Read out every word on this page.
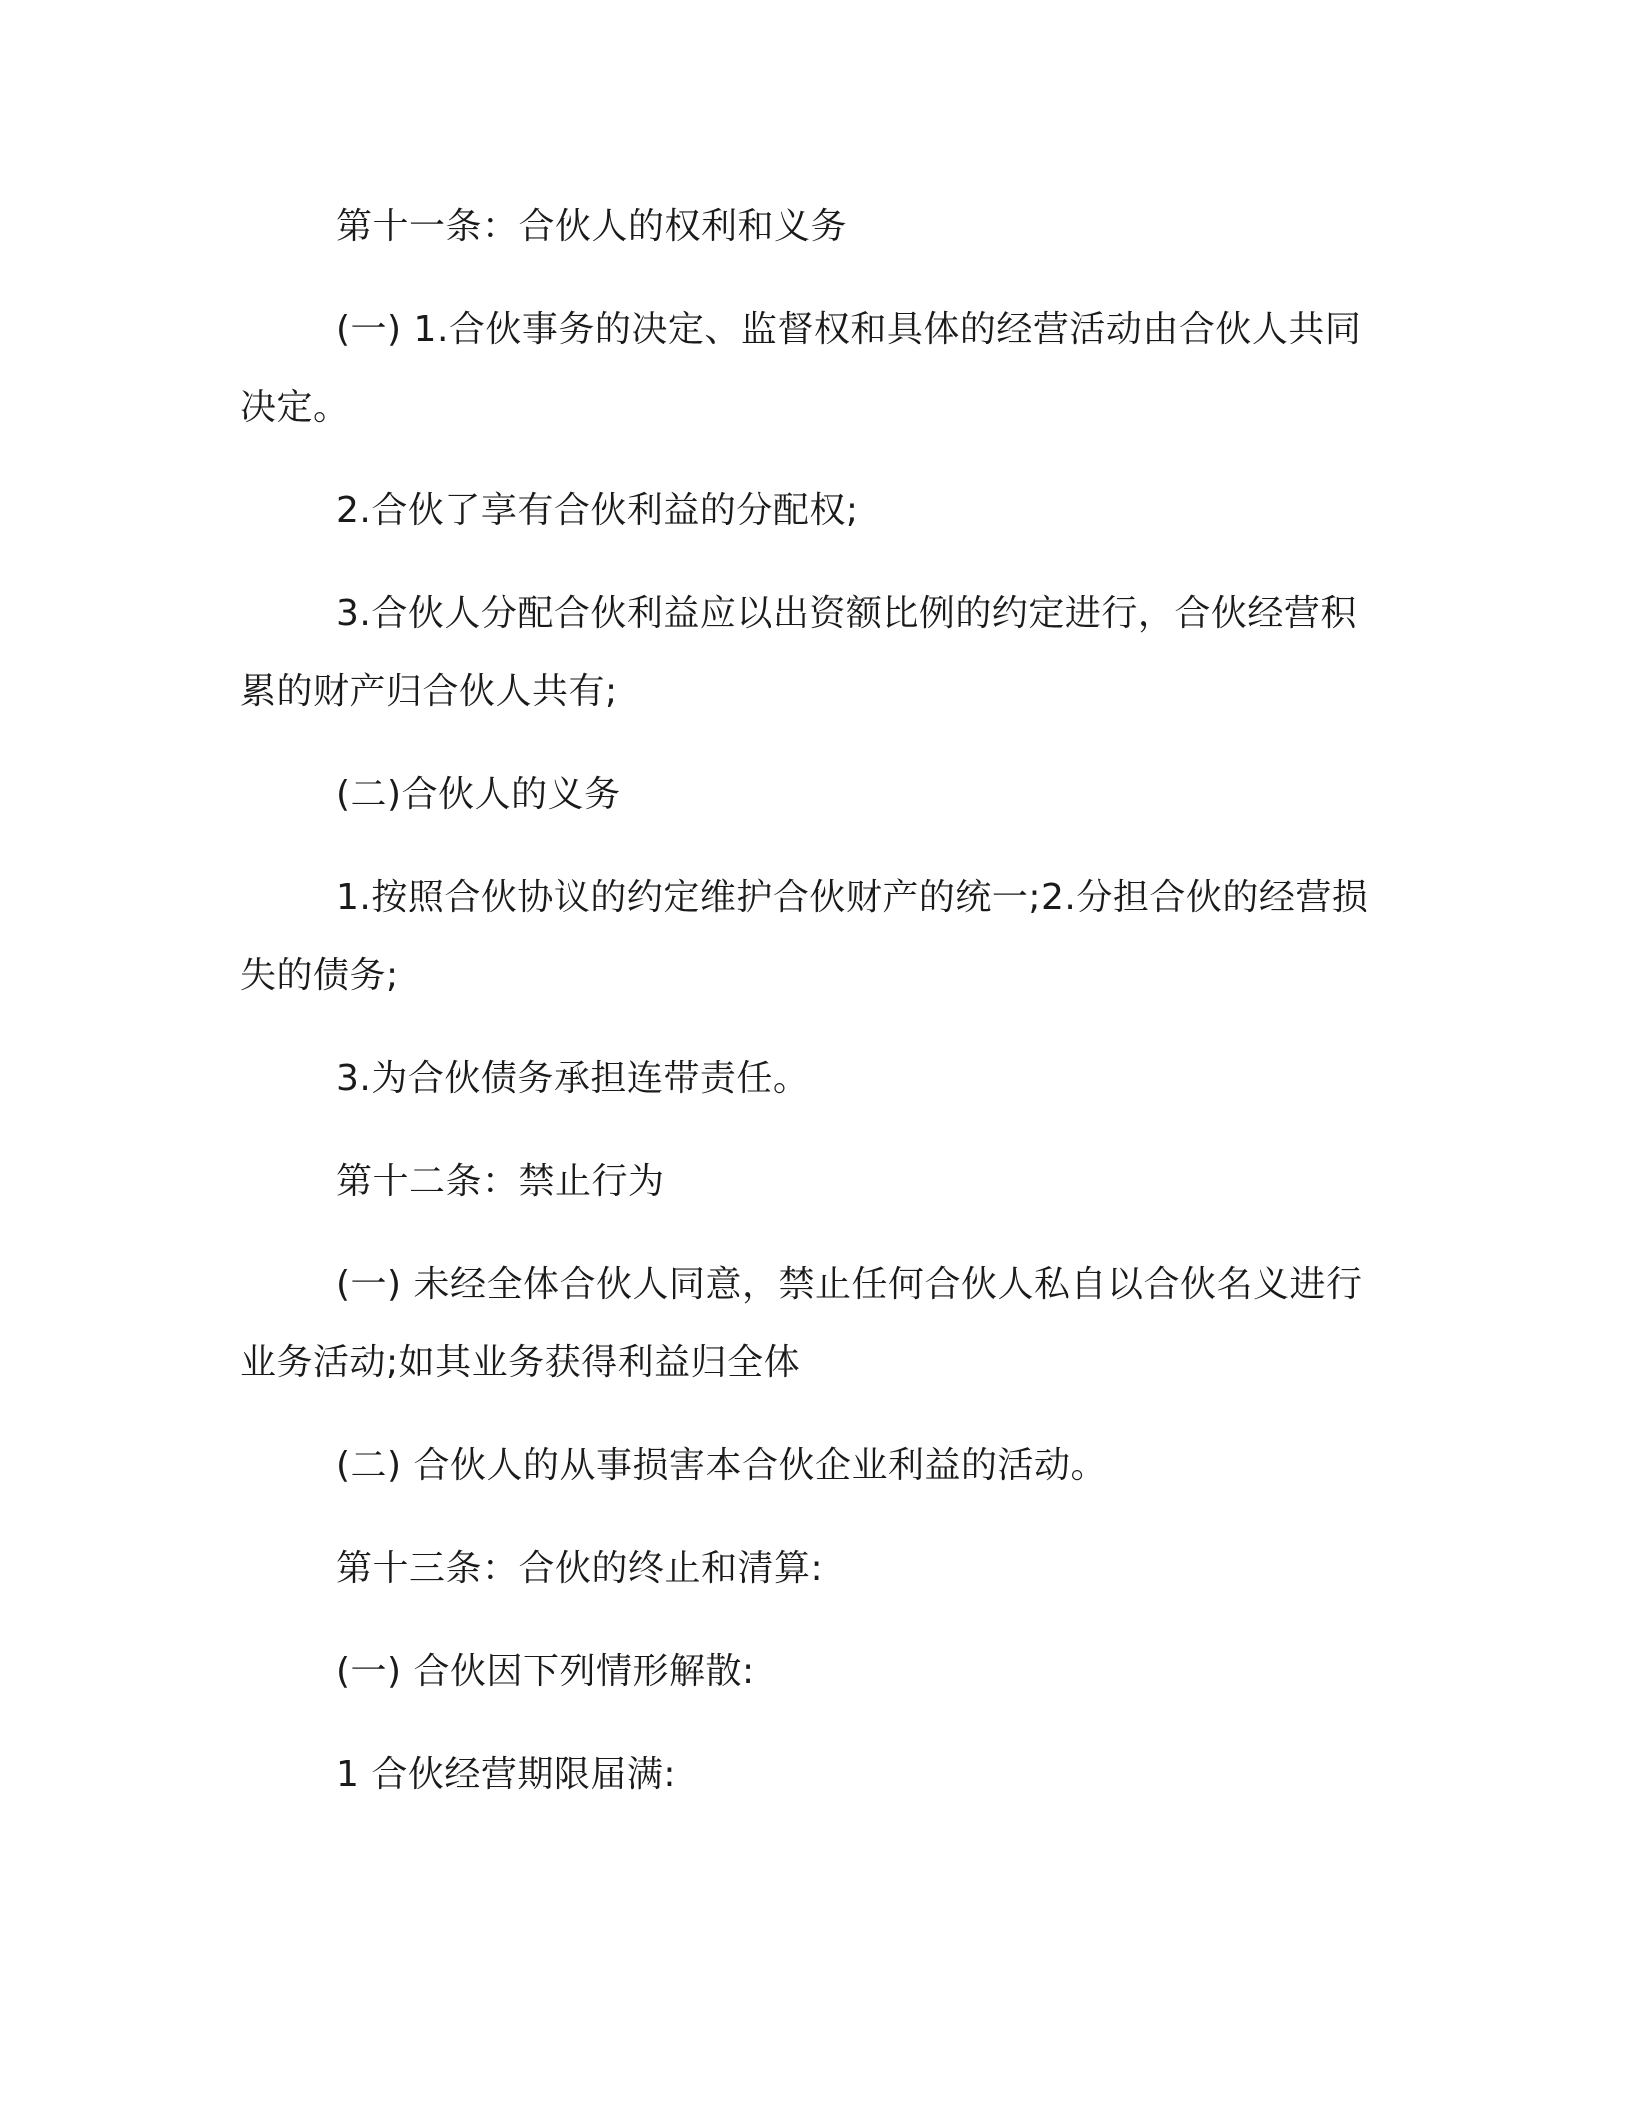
第十一条：合伙人的权利和义务

(一) 1.合伙事务的决定、监督权和具体的经营活动由合伙人共同决定。

2.合伙了享有合伙利益的分配权;

3.合伙人分配合伙利益应以出资额比例的约定进行，合伙经营积累的财产归合伙人共有;

(二)合伙人的义务

1.按照合伙协议的约定维护合伙财产的统一;2.分担合伙的经营损失的债务;

3.为合伙债务承担连带责任。

第十二条：禁止行为

(一) 未经全体合伙人同意，禁止任何合伙人私自以合伙名义进行业务活动;如其业务获得利益归全体

(二) 合伙人的从事损害本合伙企业利益的活动。

第十三条：合伙的终止和清算:

(一) 合伙因下列情形解散:

1 合伙经营期限届满:
